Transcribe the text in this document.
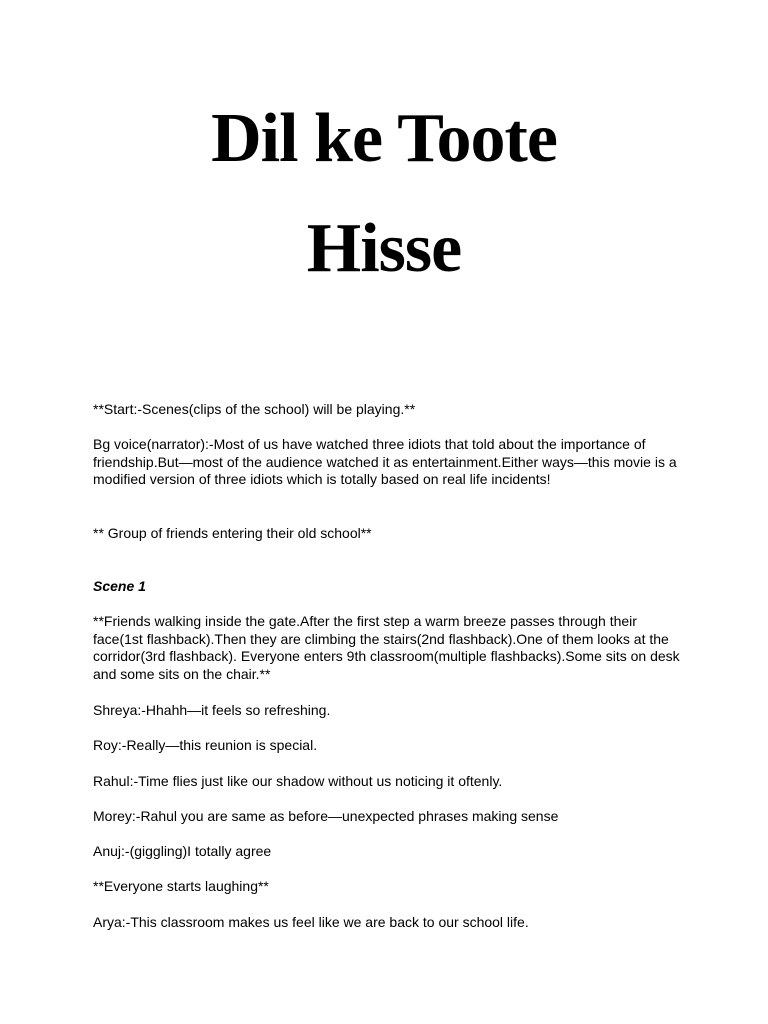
Dil ke Toote
Hisse

**Start:-Scenes(clips of the school) will be playing.**

Bg voice(narrator):-Most of us have watched three idiots that told about the importance of friendship.But—most of the audience watched it as entertainment.Either ways—this movie is a modified version of three idiots which is totally based on real life incidents!

** Group of friends entering their old school**

Scene 1

**Friends walking inside the gate.After the first step a warm breeze passes through their face(1st flashback).Then they are climbing the stairs(2nd flashback).One of them looks at the corridor(3rd flashback). Everyone enters 9th classroom(multiple flashbacks).Some sits on desk and some sits on the chair.**

Shreya:-Hhahh—it feels so refreshing.

Roy:-Really—this reunion is special.

Rahul:-Time flies just like our shadow without us noticing it oftenly.

Morey:-Rahul you are same as before—unexpected phrases making sense

Anuj:-(giggling)I totally agree

**Everyone starts laughing**

Arya:-This classroom makes us feel like we are back to our school life.
